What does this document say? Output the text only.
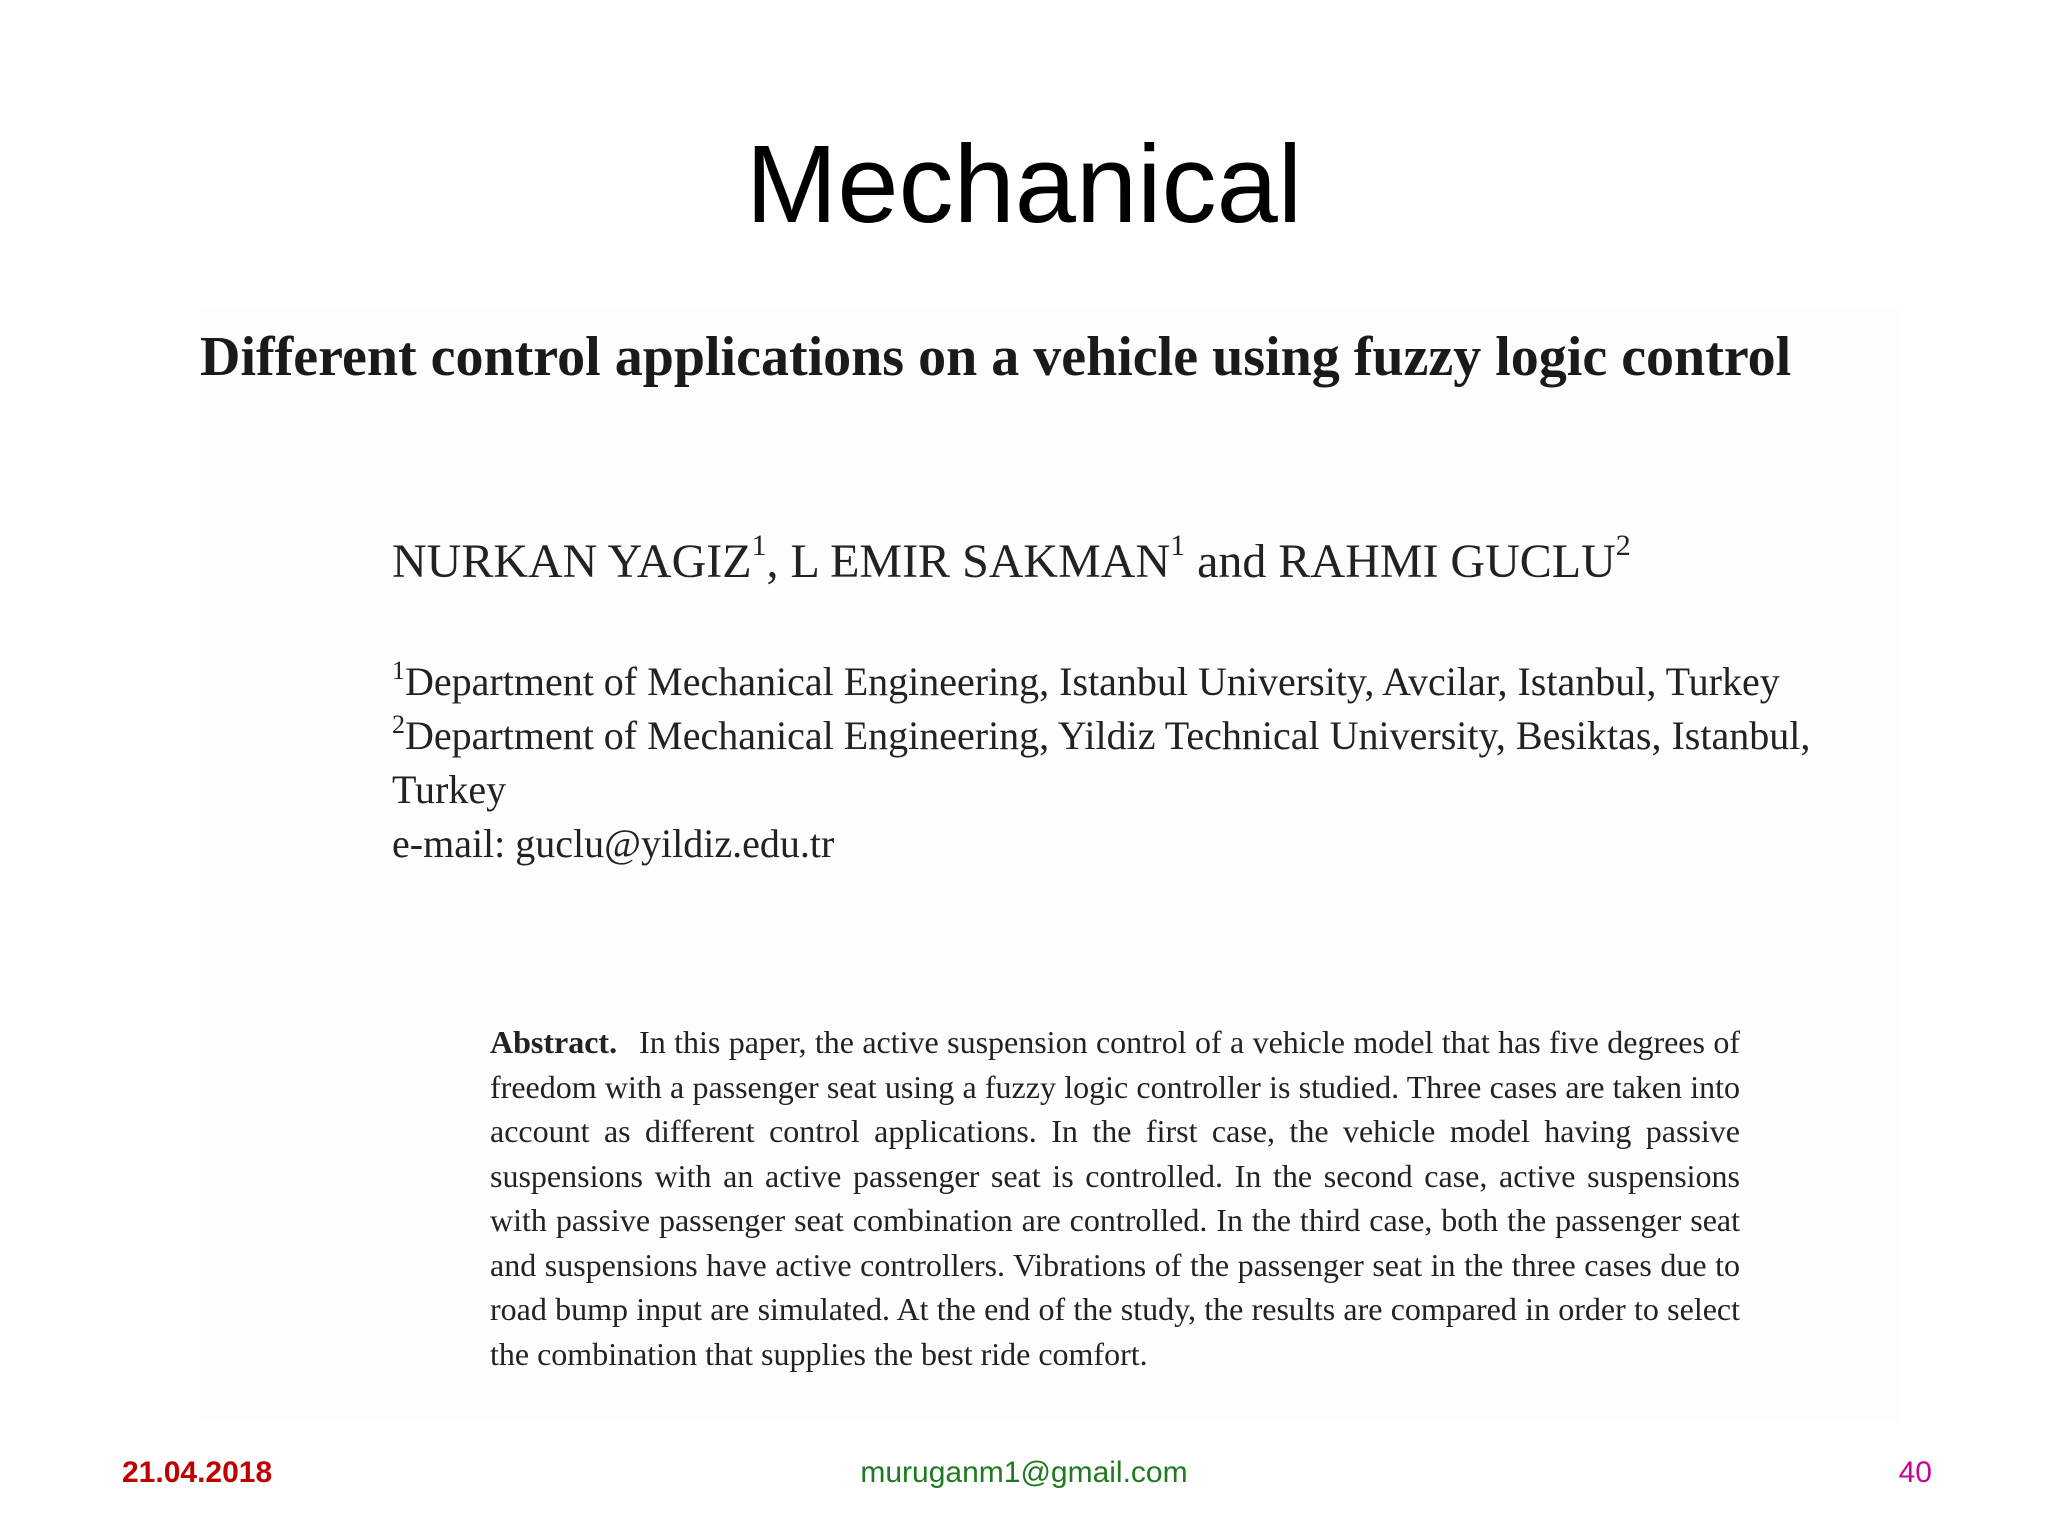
Mechanical
Different control applications on a vehicle using fuzzy logic control
NURKAN YAGIZ$^1$, L EMIR SAKMAN$^1$ and RAHMI GUCLU$^2$
$^1$Department of Mechanical Engineering, Istanbul University, Avcilar, Istanbul, Turkey
$^2$Department of Mechanical Engineering, Yildiz Technical University, Besiktas, Istanbul, Turkey
e-mail: guclu@yildiz.edu.tr

Abstract. In this paper, the active suspension control of a vehicle model that has five degrees of freedom with a passenger seat using a fuzzy logic controller is studied. Three cases are taken into account as different control applications. In the first case, the vehicle model having passive suspensions with an active passenger seat is controlled. In the second case, active suspensions with passive passenger seat combination are controlled. In the third case, both the passenger seat and suspensions have active controllers. Vibrations of the passenger seat in the three cases due to road bump input are simulated. At the end of the study, the results are compared in order to select the combination that supplies the best ride comfort.

21.04.2018	muruganm1@gmail.com	40
